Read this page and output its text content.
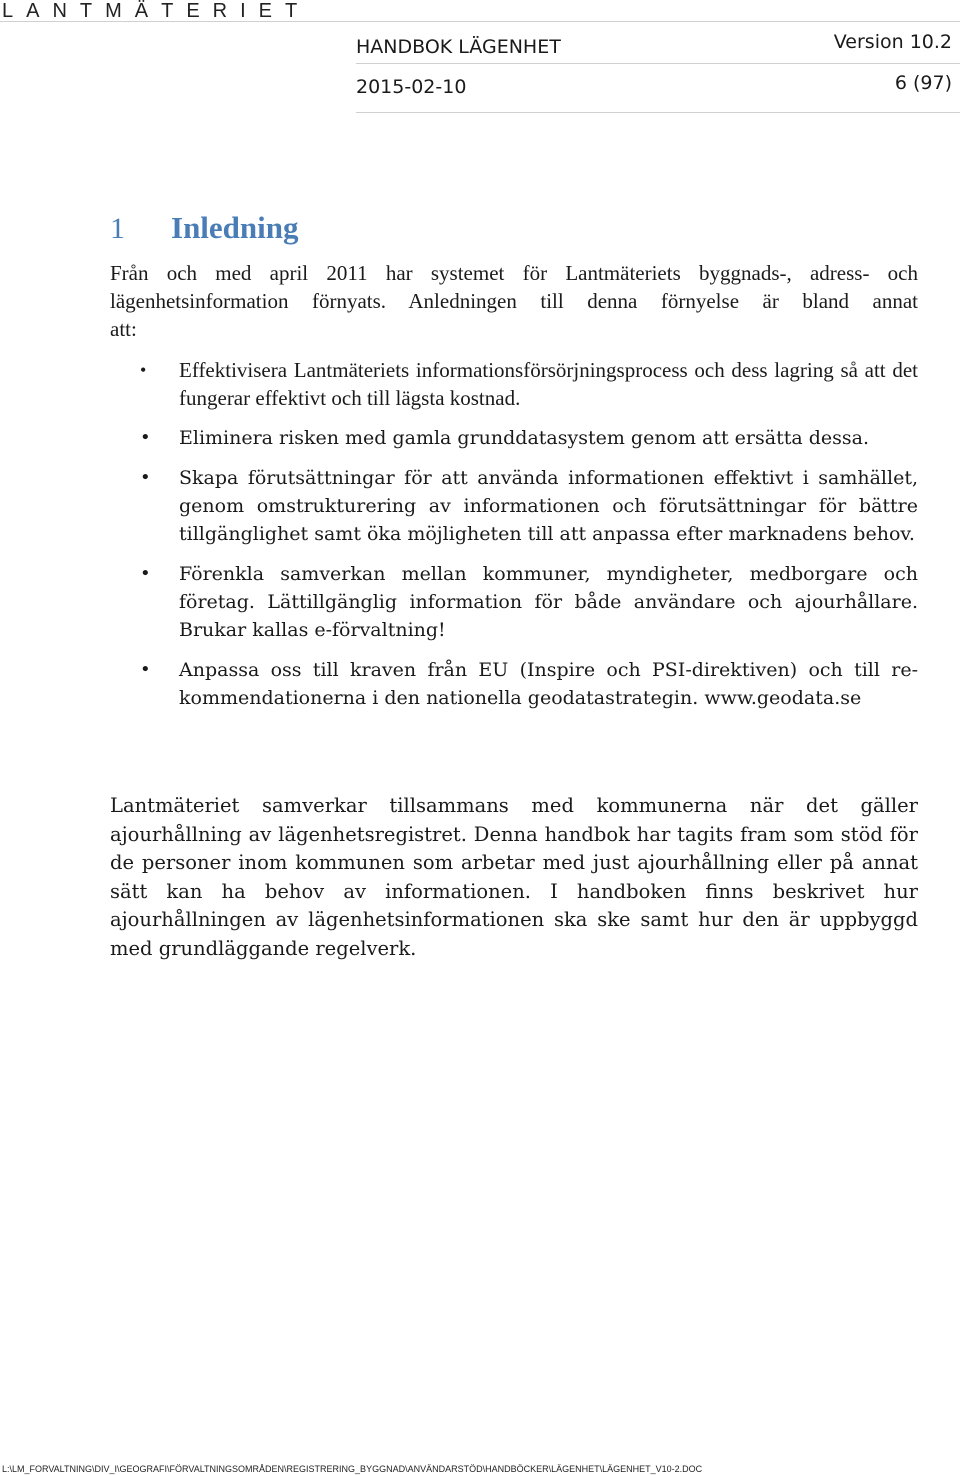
LANTMÄTERIET
HANDBOK LÄGENHET	Version 10.2
2015-02-10	6 (97)
1 Inledning
Från och med april 2011 har systemet för Lantmäteriets byggnads-, adress- och
lägenhetsinformation förnyats. Anledningen till denna förnyelse är bland annat
att:
• Effektivisera Lantmäteriets informationsförsörjningsprocess och dess lagring så att det fungerar effektivt och till lägsta kostnad.
• Eliminera risken med gamla grunddatasystem genom att ersätta dessa.
• Skapa förutsättningar för att använda informationen effektivt i samhället, genom omstrukturering av informationen och förutsättningar för bättre tillgänglighet samt öka möjligheten till att anpassa efter marknadens behov.
• Förenkla samverkan mellan kommuner, myndigheter, medborgare och företag. Lättillgänglig information för både användare och ajourhållare. Brukar kallas e-förvaltning!
• Anpassa oss till kraven från EU (Inspire och PSI-direktiven) och till re-kommendationerna i den nationella geodatastrategin. www.geodata.se
Lantmäteriet samverkar tillsammans med kommunerna när det gäller ajourhållning av lägenhetsregistret. Denna handbok har tagits fram som stöd för de personer inom kommunen som arbetar med just ajourhållning eller på annat sätt kan ha behov av informationen. I handboken finns beskrivet hur ajourhållningen av lägenhetsinformationen ska ske samt hur den är uppbyggd med grundläggande regelverk.
L:\LM_FORVALTNING\DIV_I\GEOGRAFI\FÖRVALTNINGSOMRÅDEN\REGISTRERING_BYGGNAD\ANVÄNDARSTÖD\HANDBÖCKER\LÄGENHET\LÄGENHET_V10-2.DOC
